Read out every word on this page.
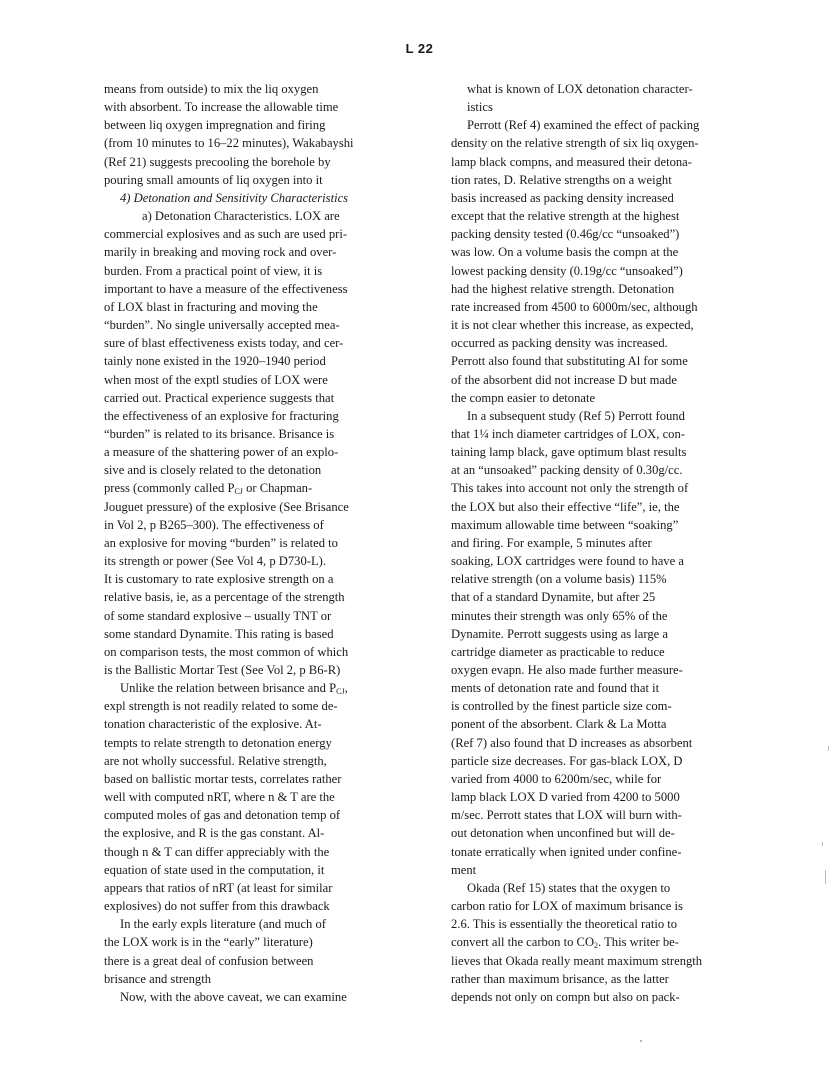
L 22
means from outside) to mix the liq oxygen
with absorbent. To increase the allowable time
between liq oxygen impregnation and firing
(from 10 minutes to 16–22 minutes), Wakabayshi
(Ref 21) suggests precooling the borehole by
pouring small amounts of liq oxygen into it
4) Detonation and Sensitivity Characteristics
a) Detonation Characteristics. LOX are
commercial explosives and as such are used pri-
marily in breaking and moving rock and over-
burden. From a practical point of view, it is
important to have a measure of the effectiveness
of LOX blast in fracturing and moving the
“burden”. No single universally accepted mea-
sure of blast effectiveness exists today, and cer-
tainly none existed in the 1920–1940 period
when most of the exptl studies of LOX were
carried out. Practical experience suggests that
the effectiveness of an explosive for fracturing
“burden” is related to its brisance. Brisance is
a measure of the shattering power of an explo-
sive and is closely related to the detonation
press (commonly called $P_{CJ}$ or Chapman-
Jouguet pressure) of the explosive (See Brisance
in Vol 2, p B265–300). The effectiveness of
an explosive for moving “burden” is related to
its strength or power (See Vol 4, p D730-L).
It is customary to rate explosive strength on a
relative basis, ie, as a percentage of the strength
of some standard explosive – usually TNT or
some standard Dynamite. This rating is based
on comparison tests, the most common of which
is the Ballistic Mortar Test (See Vol 2, p B6-R)
Unlike the relation between brisance and $P_{CJ}$,
expl strength is not readily related to some de-
tonation characteristic of the explosive. At-
tempts to relate strength to detonation energy
are not wholly successful. Relative strength,
based on ballistic mortar tests, correlates rather
well with computed nRT, where n & T are the
computed moles of gas and detonation temp of
the explosive, and R is the gas constant. Al-
though n & T can differ appreciably with the
equation of state used in the computation, it
appears that ratios of nRT (at least for similar
explosives) do not suffer from this drawback
In the early expls literature (and much of
the LOX work is in the “early” literature)
there is a great deal of confusion between
brisance and strength
Now, with the above caveat, we can examine
what is known of LOX detonation character-
istics
Perrott (Ref 4) examined the effect of packing
density on the relative strength of six liq oxygen-
lamp black compns, and measured their detona-
tion rates, D. Relative strengths on a weight
basis increased as packing density increased
except that the relative strength at the highest
packing density tested (0.46g/cc “unsoaked”)
was low. On a volume basis the compn at the
lowest packing density (0.19g/cc “unsoaked”)
had the highest relative strength. Detonation
rate increased from 4500 to 6000m/sec, although
it is not clear whether this increase, as expected,
occurred as packing density was increased.
Perrott also found that substituting Al for some
of the absorbent did not increase D but made
the compn easier to detonate
In a subsequent study (Ref 5) Perrott found
that 1¼ inch diameter cartridges of LOX, con-
taining lamp black, gave optimum blast results
at an “unsoaked” packing density of 0.30g/cc.
This takes into account not only the strength of
the LOX but also their effective “life”, ie, the
maximum allowable time between “soaking”
and firing. For example, 5 minutes after
soaking, LOX cartridges were found to have a
relative strength (on a volume basis) 115%
that of a standard Dynamite, but after 25
minutes their strength was only 65% of the
Dynamite. Perrott suggests using as large a
cartridge diameter as practicable to reduce
oxygen evapn. He also made further measure-
ments of detonation rate and found that it
is controlled by the finest particle size com-
ponent of the absorbent. Clark & La Motta
(Ref 7) also found that D increases as absorbent
particle size decreases. For gas-black LOX, D
varied from 4000 to 6200m/sec, while for
lamp black LOX D varied from 4200 to 5000
m/sec. Perrott states that LOX will burn with-
out detonation when unconfined but will de-
tonate erratically when ignited under confine-
ment
Okada (Ref 15) states that the oxygen to
carbon ratio for LOX of maximum brisance is
2.6. This is essentially the theoretical ratio to
convert all the carbon to $CO_2$. This writer be-
lieves that Okada really meant maximum strength
rather than maximum brisance, as the latter
depends not only on compn but also on pack-
